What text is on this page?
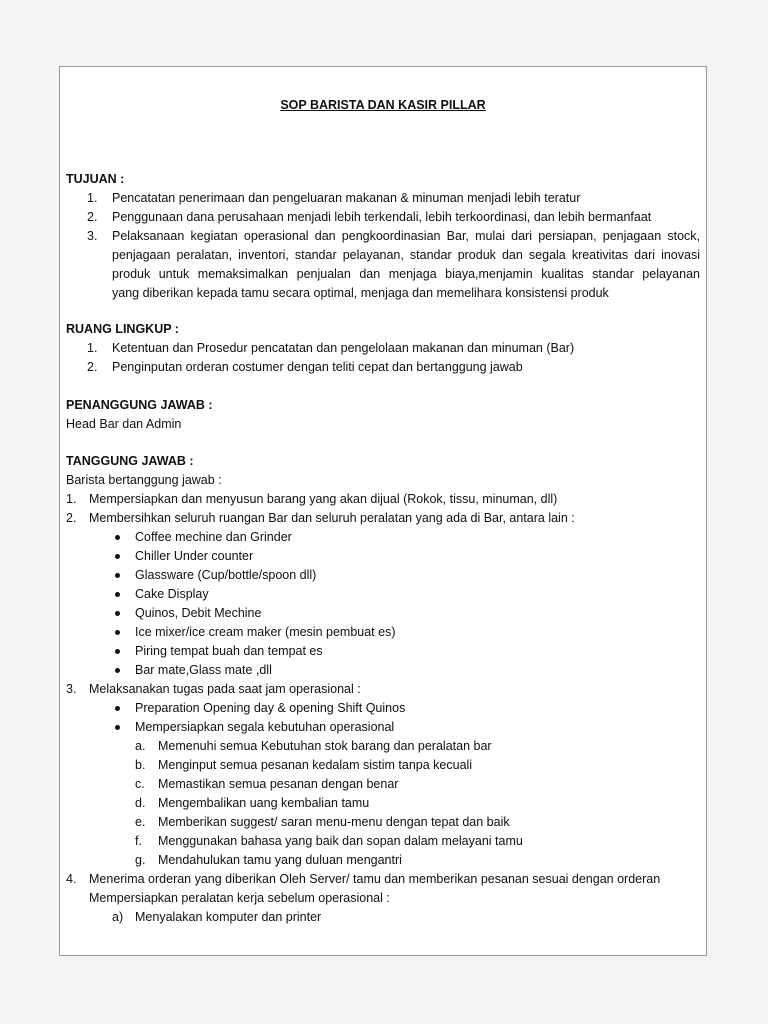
SOP BARISTA DAN KASIR PILLAR
TUJUAN :
1. Pencatatan penerimaan dan pengeluaran makanan & minuman menjadi lebih teratur
2. Penggunaan dana perusahaan menjadi lebih terkendali, lebih terkoordinasi, dan lebih bermanfaat
3. Pelaksanaan kegiatan operasional dan pengkoordinasian Bar, mulai dari persiapan, penjagaan stock,
penjagaan peralatan, inventori, standar pelayanan, standar produk dan segala kreativitas dari inovasi
produk untuk memaksimalkan penjualan dan menjaga biaya,menjamin kualitas standar pelayanan
yang diberikan kepada tamu secara optimal, menjaga dan memelihara konsistensi produk
RUANG LINGKUP :
1. Ketentuan dan Prosedur pencatatan dan pengelolaan makanan dan minuman (Bar)
2. Penginputan orderan costumer dengan teliti cepat dan bertanggung jawab
PENANGGUNG JAWAB :
Head Bar dan Admin
TANGGUNG JAWAB :
Barista bertanggung jawab :
1. Mempersiapkan dan menyusun barang yang akan dijual (Rokok, tissu, minuman, dll)
2. Membersihkan seluruh ruangan Bar dan seluruh peralatan yang ada di Bar, antara lain :
Coffee mechine dan Grinder
Chiller Under counter
Glassware (Cup/bottle/spoon dll)
Cake Display
Quinos, Debit Mechine
Ice mixer/ice cream maker (mesin pembuat es)
Piring tempat buah dan tempat es
Bar mate,Glass mate ,dll
3. Melaksanakan tugas pada saat jam operasional :
Preparation Opening day & opening Shift Quinos
Mempersiapkan segala kebutuhan operasional
a. Memenuhi semua Kebutuhan stok barang dan peralatan bar
b. Menginput semua pesanan kedalam sistim tanpa kecuali
c. Memastikan semua pesanan dengan benar
d. Mengembalikan uang kembalian tamu
e. Memberikan suggest/ saran menu-menu dengan tepat dan baik
f. Menggunakan bahasa yang baik dan sopan dalam melayani tamu
g. Mendahulukan tamu yang duluan mengantri
4. Menerima orderan yang diberikan Oleh Server/ tamu dan memberikan pesanan sesuai dengan orderan
Mempersiapkan peralatan kerja sebelum operasional :
a) Menyalakan komputer dan printer
